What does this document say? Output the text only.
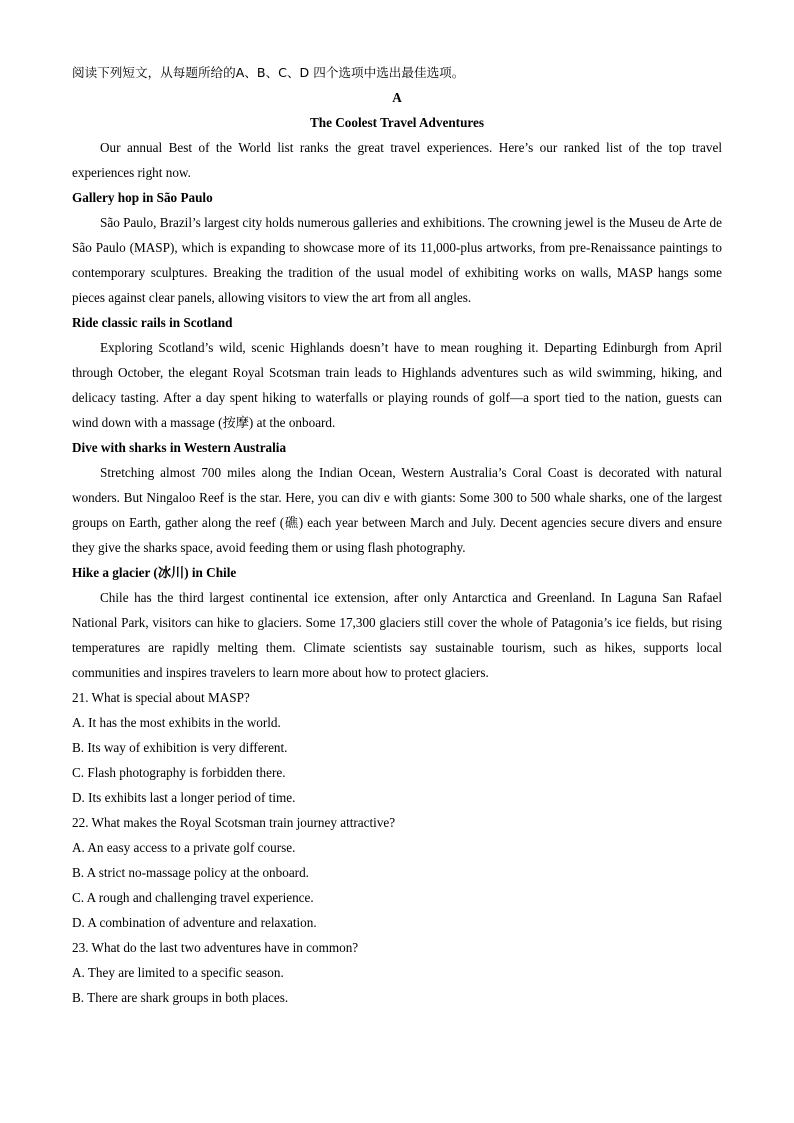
阅读下列短文，从每题所给的A、B、C、D 四个选项中选出最佳选项。

A

The Coolest Travel Adventures

Our annual Best of the World list ranks the great travel experiences. Here’s our ranked list of the top travel experiences right now.

Gallery hop in São Paulo

São Paulo, Brazil’s largest city holds numerous galleries and exhibitions. The crowning jewel is the Museu de Arte de São Paulo (MASP), which is expanding to showcase more of its 11,000-plus artworks, from pre-Renaissance paintings to contemporary sculptures. Breaking the tradition of the usual model of exhibiting works on walls, MASP hangs some pieces against clear panels, allowing visitors to view the art from all angles.

Ride classic rails in Scotland

Exploring Scotland’s wild, scenic Highlands doesn’t have to mean roughing it. Departing Edinburgh from April through October, the elegant Royal Scotsman train leads to Highlands adventures such as wild swimming, hiking, and delicacy tasting. After a day spent hiking to waterfalls or playing rounds of golf—a sport tied to the nation, guests can wind down with a massage (按摩) at the onboard.

Dive with sharks in Western Australia

Stretching almost 700 miles along the Indian Ocean, Western Australia’s Coral Coast is decorated with natural wonders. But Ningaloo Reef is the star. Here, you can div e with giants: Some 300 to 500 whale sharks, one of the largest groups on Earth, gather along the reef (礁) each year between March and July. Decent agencies secure divers and ensure they give the sharks space, avoid feeding them or using flash photography.

Hike a glacier (冰川) in Chile

Chile has the third largest continental ice extension, after only Antarctica and Greenland. In Laguna San Rafael National Park, visitors can hike to glaciers. Some 17,300 glaciers still cover the whole of Patagonia’s ice fields, but rising temperatures are rapidly melting them. Climate scientists say sustainable tourism, such as hikes, supports local communities and inspires travelers to learn more about how to protect glaciers.

21. What is special about MASP?

A. It has the most exhibits in the world.

B. Its way of exhibition is very different.

C. Flash photography is forbidden there.

D. Its exhibits last a longer period of time.

22. What makes the Royal Scotsman train journey attractive?

A. An easy access to a private golf course.

B. A strict no-massage policy at the onboard.

C. A rough and challenging travel experience.

D. A combination of adventure and relaxation.

23. What do the last two adventures have in common?

A. They are limited to a specific season.

B. There are shark groups in both places.
